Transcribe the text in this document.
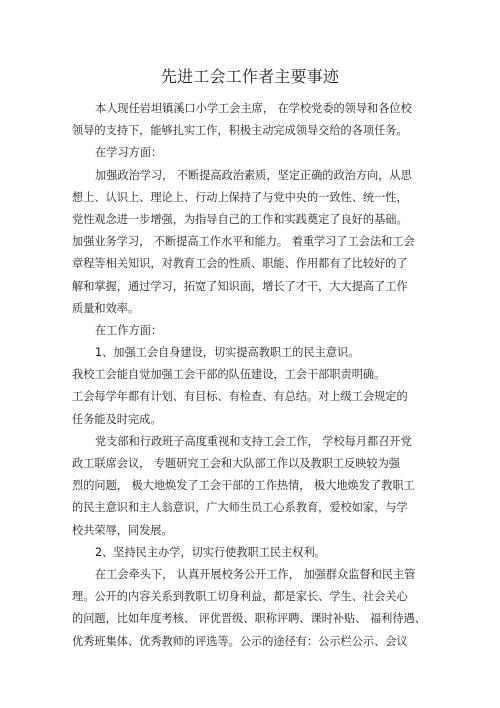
先进工会工作者主要事迹
本人现任岩坦镇溪口小学工会主席， 在学校党委的领导和各位校
领导的支持下，能够扎实工作，积极主动完成领导交给的各项任务。
在学习方面：
加强政治学习， 不断提高政治素质，坚定正确的政治方向，从思
想上、认识上、理论上、行动上保持了与党中央的一致性、统一性，
党性观念进一步增强，为指导自己的工作和实践奠定了良好的基础。
加强业务学习， 不断提高工作水平和能力。 着重学习了工会法和工会
章程等相关知识，对教育工会的性质、职能、作用都有了比较好的了
解和掌握，通过学习，拓宽了知识面，增长了才干，大大提高了工作
质量和效率。
在工作方面：
1、加强工会自身建设，切实提高教职工的民主意识。
我校工会能自觉加强工会干部的队伍建设，工会干部职责明确。
工会每学年都有计划、有目标、有检查、有总结。对上级工会规定的
任务能及时完成。
党支部和行政班子高度重视和支持工会工作， 学校每月都召开党
政工联席会议， 专题研究工会和大队部工作以及教职工反映较为强
烈的问题， 极大地焕发了工会干部的工作热情， 极大地焕发了教职工
的民主意识和主人翁意识，广大师生员工心系教育，爱校如家，与学
校共荣辱，同发展。
2、坚持民主办学，切实行使教职工民主权利。
在工会牵头下， 认真开展校务公开工作， 加强群众监督和民主管
理。公开的内容关系到教职工切身利益，都是家长、学生、社会关心
的问题，比如年度考核、 评优晋级、职称评聘、课时补贴、 福利待遇、
优秀班集体、优秀教师的评选等。公示的途径有：公示栏公示、会议
